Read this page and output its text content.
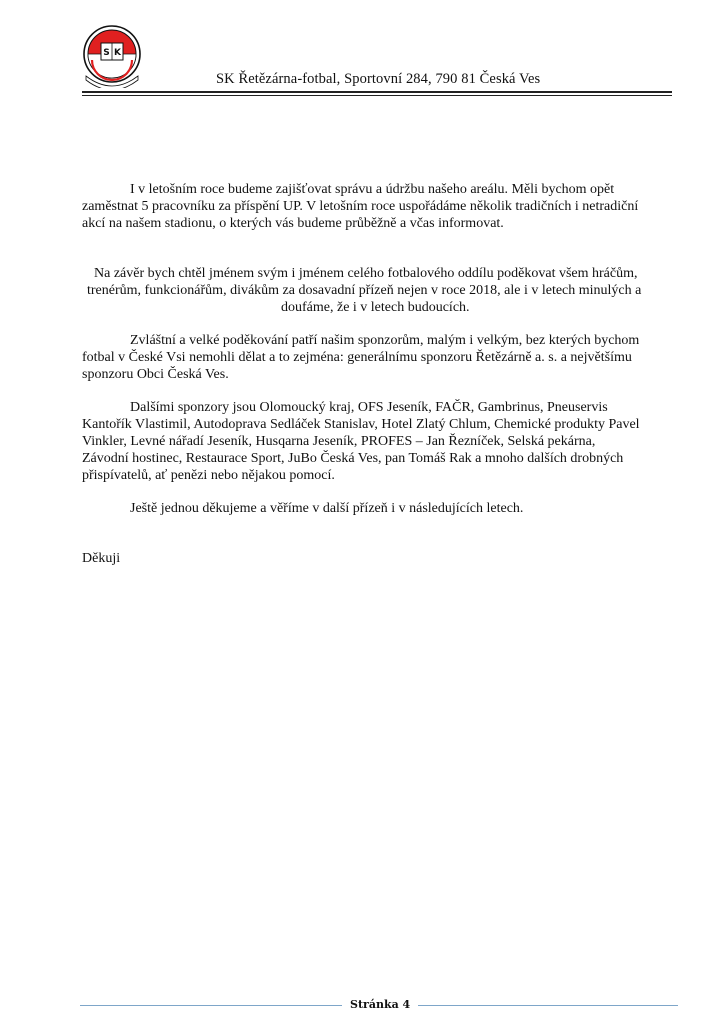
S K
SK Řetězárna-fotbal, Sportovní 284, 790 81 Česká Ves
I v letošním roce budeme zajišťovat správu a údržbu našeho areálu. Měli bychom opět
zaměstnat 5 pracovníku za příspění UP. V letošním roce uspořádáme několik tradičních i netradiční
akcí na našem stadionu, o kterých vás budeme průběžně a včas informovat.
Na závěr bych chtěl jménem svým i jménem celého fotbalového oddílu poděkovat všem hráčům,
trenérům, funkcionářům, divákům za dosavadní přízeň nejen v roce 2018, ale i v letech minulých a
doufáme, že i v letech budoucích.
Zvláštní a velké poděkování patří našim sponzorům, malým i velkým, bez kterých bychom
fotbal v České Vsi nemohli dělat a to zejména: generálnímu sponzoru Řetězárně a. s. a největšímu
sponzoru Obci Česká Ves.
Dalšími sponzory jsou Olomoucký kraj, OFS Jeseník, FAČR, Gambrinus, Pneuservis
Kantořík Vlastimil, Autodoprava Sedláček Stanislav, Hotel Zlatý Chlum, Chemické produkty Pavel
Vinkler, Levné nářadí Jeseník, Husqarna Jeseník, PROFES – Jan Řezníček, Selská pekárna,
Závodní hostinec, Restaurace Sport, JuBo Česká Ves, pan Tomáš Rak a mnoho dalších drobných
přispívatelů, ať penězi nebo nějakou pomocí.
Ještě jednou děkujeme a věříme v další přízeň i v následujících letech.
Děkuji
Stránka 4
